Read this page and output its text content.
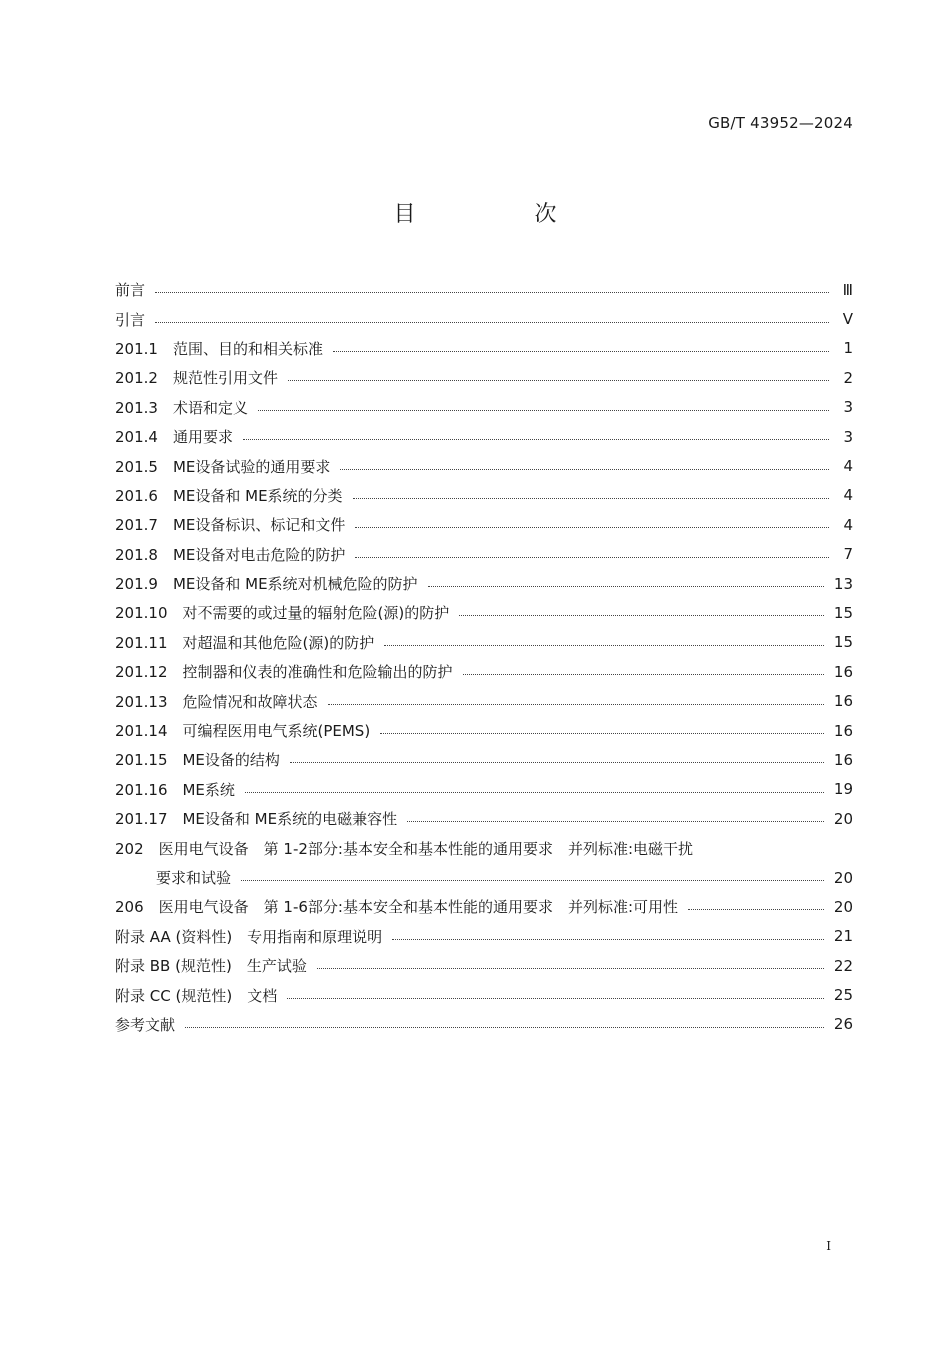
GB/T 43952—2024
目 次
前言	Ⅲ
引言	Ⅴ
201.1　范围、目的和相关标准	1
201.2　规范性引用文件	2
201.3　术语和定义	3
201.4　通用要求	3
201.5　ME设备试验的通用要求	4
201.6　ME设备和 ME系统的分类	4
201.7　ME设备标识、标记和文件	4
201.8　ME设备对电击危险的防护	7
201.9　ME设备和 ME系统对机械危险的防护	13
201.10　对不需要的或过量的辐射危险(源)的防护	15
201.11　对超温和其他危险(源)的防护	15
201.12　控制器和仪表的准确性和危险输出的防护	16
201.13　危险情况和故障状态	16
201.14　可编程医用电气系统(PEMS)	16
201.15　ME设备的结构	16
201.16　ME系统	19
201.17　ME设备和 ME系统的电磁兼容性	20
202　医用电气设备　第 1-2部分:基本安全和基本性能的通用要求　并列标准:电磁干扰
要求和试验	20
206　医用电气设备　第 1-6部分:基本安全和基本性能的通用要求　并列标准:可用性	20
附录 AA (资料性)　专用指南和原理说明	21
附录 BB (规范性)　生产试验	22
附录 CC (规范性)　文档	25
参考文献	26
I
